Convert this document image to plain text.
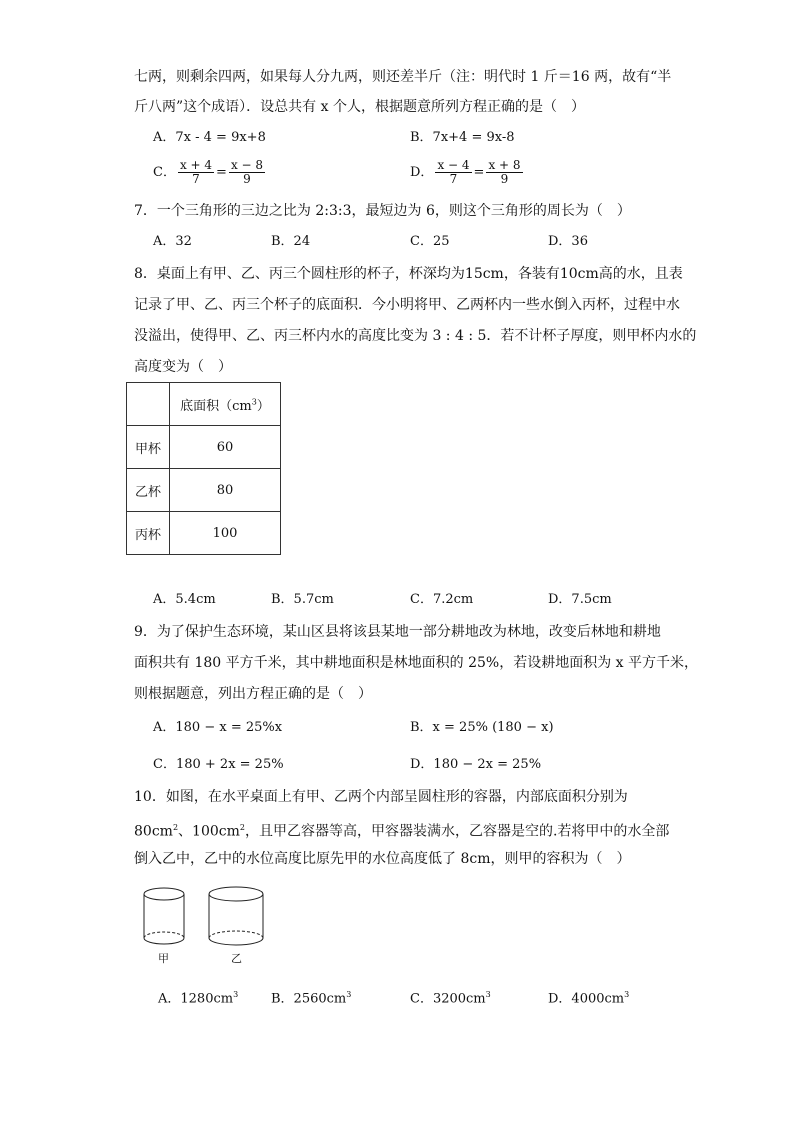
七两，则剩余四两，如果每人分九两，则还差半斤（注：明代时 1 斤＝16 两，故有“半
斤八两”这个成语）．设总共有 x 个人，根据题意所列方程正确的是（　）
A．7x - 4 = 9x+8	B．7x+4 = 9x-8
C． $\frac{x + 4}{7} = \frac{x - 8}{9}$	D． $\frac{x - 4}{7} = \frac{x + 8}{9}$
7．一个三角形的三边之比为 2:3:3，最短边为 6，则这个三角形的周长为（　）
A．32	B．24	C．25	D．36
8．桌面上有甲、乙、丙三个圆柱形的杯子，杯深均为15cm，各装有10cm高的水，且表
记录了甲、乙、丙三个杯子的底面积．今小明将甲、乙两杯内一些水倒入丙杯，过程中水
没溢出，使得甲、乙、丙三杯内水的高度比变为 3 : 4 : 5．若不计杯子厚度，则甲杯内水的
高度变为（　）
	底面积$(cm^3)$
甲杯	60
乙杯	80
丙杯	100
A．5.4cm	B．5.7cm	C．7.2cm	D．7.5cm
9．为了保护生态环境，某山区县将该县某地一部分耕地改为林地，改变后林地和耕地
面积共有 180 平方千米，其中耕地面积是林地面积的 25%，若设耕地面积为 x 平方千米，
则根据题意，列出方程正确的是（　）
A．180 − x = 25%x	B．x = 25% (180 − x)
C．180 + 2x = 25%	D．180 − 2x = 25%
10．如图，在水平桌面上有甲、乙两个内部呈圆柱形的容器，内部底面积分别为
$80cm^2$、$100cm^2$，且甲乙容器等高，甲容器装满水，乙容器是空的.若将甲中的水全部
倒入乙中，乙中的水位高度比原先甲的水位高度低了 8cm，则甲的容积为（　）
甲	乙
A．$1280cm^3$	B．$2560cm^3$	C．$3200cm^3$	D．$4000cm^3$
